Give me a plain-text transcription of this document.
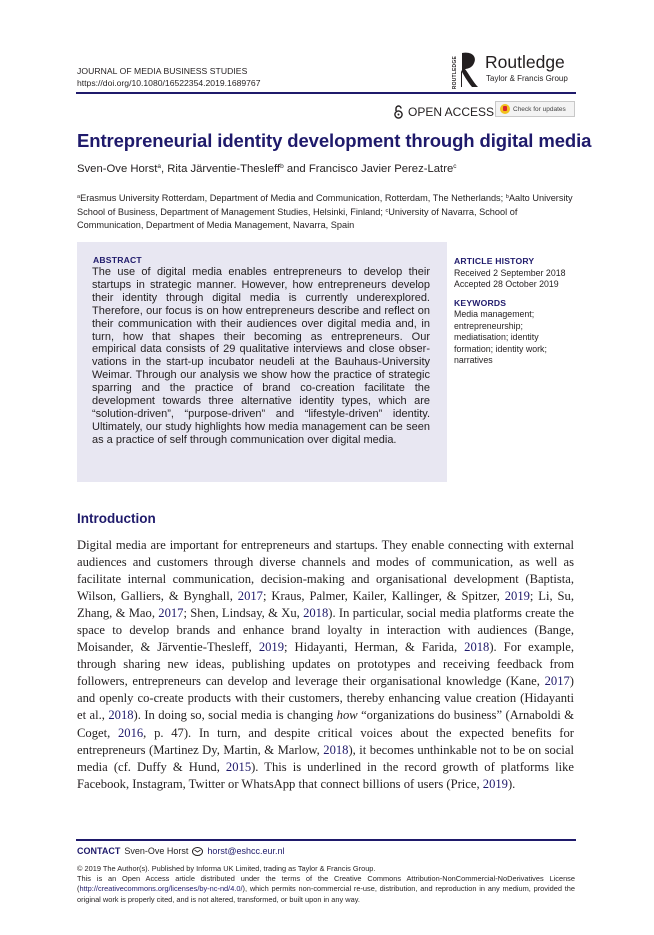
JOURNAL OF MEDIA BUSINESS STUDIES
https://doi.org/10.1080/16522354.2019.1689767	ROUTLEDGE Routledge
Taylor & Francis Group
OPEN ACCESS	Check for updates
Entrepreneurial identity development through digital media
Sven-Ove Horst$^a$, Rita Järventie-Thesleff$^b$ and Francisco Javier Perez-Latre$^c$
$^a$Erasmus University Rotterdam, Department of Media and Communication, Rotterdam, The Netherlands; $^b$Aalto University School of Business, Department of Management Studies, Helsinki, Finland; $^c$University of Navarra, School of Communication, Department of Media Management, Navarra, Spain
ABSTRACT
The use of digital media enables entrepreneurs to develop their startups in strategic manner. However, how entrepreneurs develop their identity through digital media is currently underexplored. Therefore, our focus is on how entrepreneurs describe and reflect on their communication with their audiences over digital media and, in turn, how that shapes their becoming as entrepreneurs. Our empirical data consists of 29 qualitative interviews and close observations in the start-up incubator neudeli at the Bauhaus-University Weimar. Through our analysis we show how the practice of strategic sparring and the practice of brand co-creation facilitate the development towards three alternative identity types, which are “solution-driven”, “purpose-driven” and “lifestyle-driven” identity. Ultimately, our study highlights how media management can be seen as a practice of self through communication over digital media.
ARTICLE HISTORY
Received 2 September 2018
Accepted 28 October 2019
KEYWORDS
Media management; entrepreneurship; mediatisation; identity formation; identity work; narratives
Introduction
Digital media are important for entrepreneurs and startups. They enable connecting with external audiences and customers through diverse channels and modes of communication, as well as facilitate internal communication, decision-making and organisational development (Baptista, Wilson, Galliers, & Bynghall, 2017; Kraus, Palmer, Kailer, Kallinger, & Spitzer, 2019; Li, Su, Zhang, & Mao, 2017; Shen, Lindsay, & Xu, 2018). In particular, social media platforms create the space to develop brands and enhance brand loyalty in interaction with audiences (Bange, Moisander, & Järventie-Thesleff, 2019; Hidayanti, Herman, & Farida, 2018). For example, through sharing new ideas, publishing updates on prototypes and receiving feedback from followers, entrepreneurs can develop and leverage their organisational knowledge (Kane, 2017) and openly co-create products with their customers, thereby enhancing value creation (Hidayanti et al., 2018). In doing so, social media is changing how “organizations do business” (Arnaboldi & Coget, 2016, p. 47). In turn, and despite critical voices about the expected benefits for entrepreneurs (Martinez Dy, Martin, & Marlow, 2018), it becomes unthinkable not to be on social media (cf. Duffy & Hund, 2015). This is underlined in the record growth of platforms like Facebook, Instagram, Twitter or WhatsApp that connect billions of users (Price, 2019).
CONTACT Sven-Ove Horst horst@eshcc.eur.nl
© 2019 The Author(s). Published by Informa UK Limited, trading as Taylor & Francis Group.
This is an Open Access article distributed under the terms of the Creative Commons Attribution-NonCommercial-NoDerivatives License (http://creativecommons.org/licenses/by-nc-nd/4.0/), which permits non-commercial re-use, distribution, and reproduction in any medium, provided the original work is properly cited, and is not altered, transformed, or built upon in any way.
